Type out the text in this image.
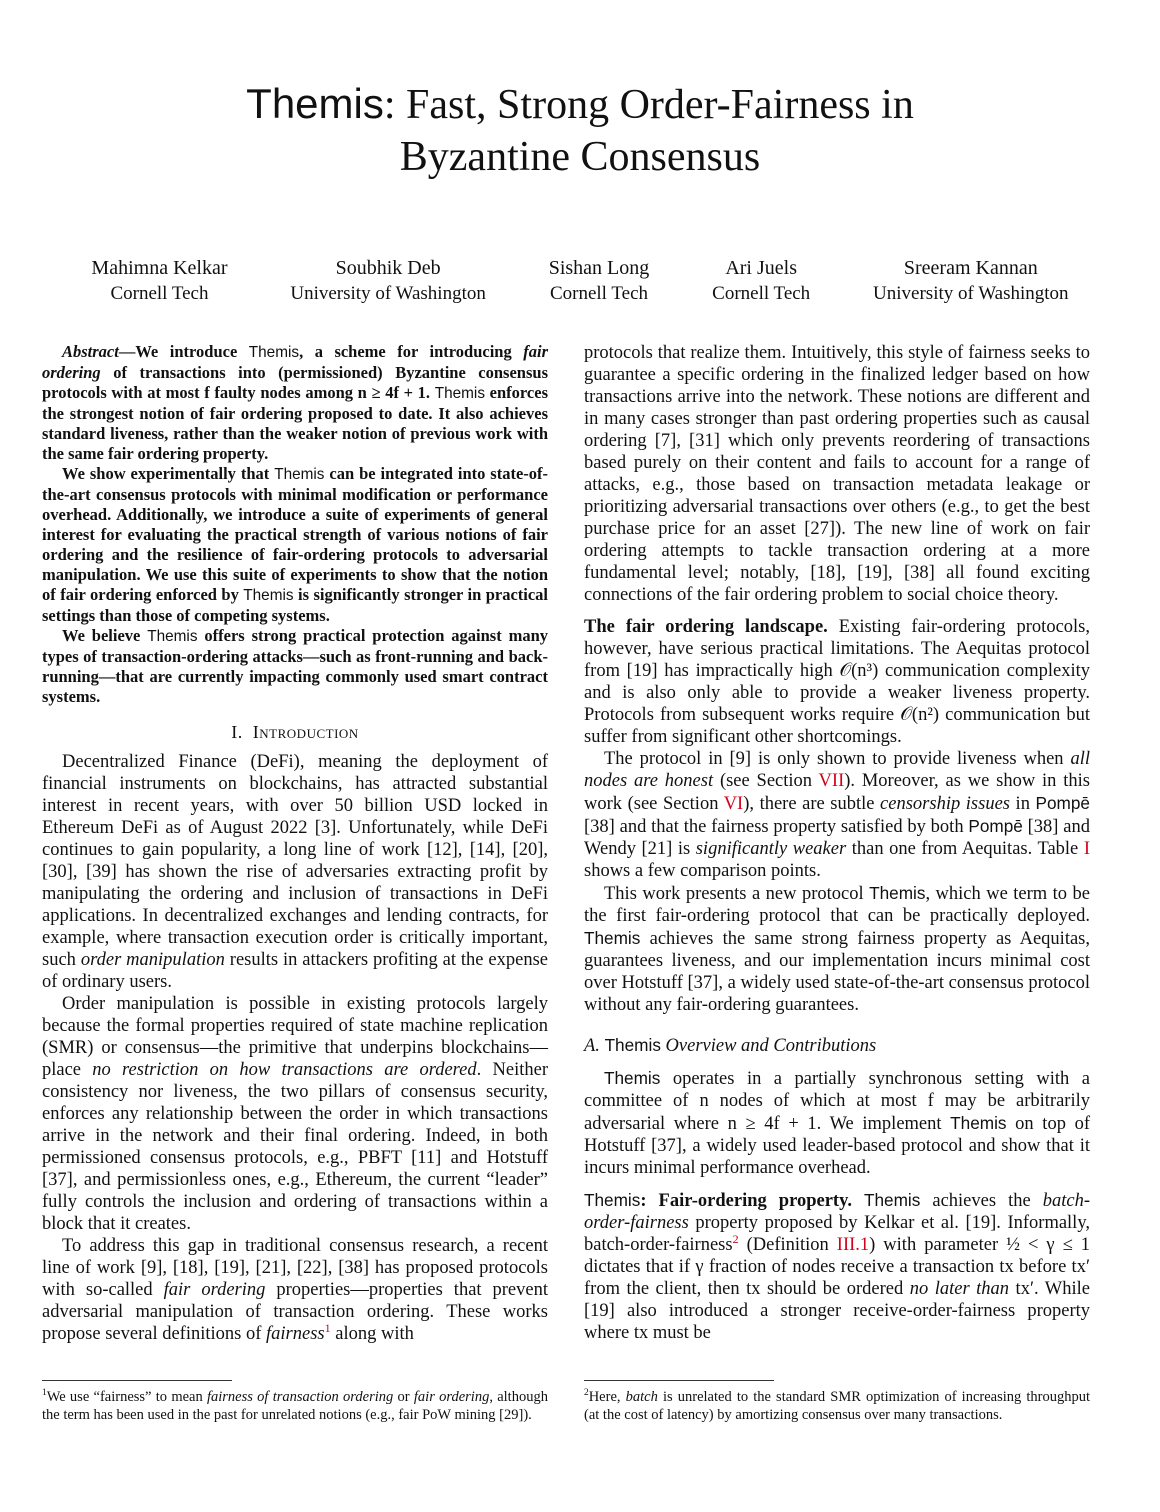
Themis: Fast, Strong Order-Fairness in
Byzantine Consensus
Mahimna Kelkar
Cornell Tech
Soubhik Deb
University of Washington
Sishan Long
Cornell Tech
Ari Juels
Cornell Tech
Sreeram Kannan
University of Washington

Abstract—We introduce Themis, a scheme for introducing fair ordering of transactions into (permissioned) Byzantine consensus protocols with at most f faulty nodes among n ≥ 4f + 1. Themis enforces the strongest notion of fair ordering proposed to date. It also achieves standard liveness, rather than the weaker notion of previous work with the same fair ordering property.

We show experimentally that Themis can be integrated into state-of-the-art consensus protocols with minimal modification or performance overhead. Additionally, we introduce a suite of experiments of general interest for evaluating the practical strength of various notions of fair ordering and the resilience of fair-ordering protocols to adversarial manipulation. We use this suite of experiments to show that the notion of fair ordering enforced by Themis is significantly stronger in practical settings than those of competing systems.

We believe Themis offers strong practical protection against many types of transaction-ordering attacks—such as front-running and back-running—that are currently impacting commonly used smart contract systems.

I. Introduction

Decentralized Finance (DeFi), meaning the deployment of financial instruments on blockchains, has attracted substantial interest in recent years, with over 50 billion USD locked in Ethereum DeFi as of August 2022 [3]. Unfortunately, while DeFi continues to gain popularity, a long line of work [12], [14], [20], [30], [39] has shown the rise of adversaries extracting profit by manipulating the ordering and inclusion of transactions in DeFi applications. In decentralized exchanges and lending contracts, for example, where transaction execution order is critically important, such order manipulation results in attackers profiting at the expense of ordinary users.

Order manipulation is possible in existing protocols largely because the formal properties required of state machine replication (SMR) or consensus—the primitive that underpins blockchains—place no restriction on how transactions are ordered. Neither consistency nor liveness, the two pillars of consensus security, enforces any relationship between the order in which transactions arrive in the network and their final ordering. Indeed, in both permissioned consensus protocols, e.g., PBFT [11] and Hotstuff [37], and permissionless ones, e.g., Ethereum, the current “leader” fully controls the inclusion and ordering of transactions within a block that it creates.

To address this gap in traditional consensus research, a recent line of work [9], [18], [19], [21], [22], [38] has proposed protocols with so-called fair ordering properties—properties that prevent adversarial manipulation of transaction ordering. These works propose several definitions of fairness$^1$ along with

protocols that realize them. Intuitively, this style of fairness seeks to guarantee a specific ordering in the finalized ledger based on how transactions arrive into the network. These notions are different and in many cases stronger than past ordering properties such as causal ordering [7], [31] which only prevents reordering of transactions based purely on their content and fails to account for a range of attacks, e.g., those based on transaction metadata leakage or prioritizing adversarial transactions over others (e.g., to get the best purchase price for an asset [27]). The new line of work on fair ordering attempts to tackle transaction ordering at a more fundamental level; notably, [18], [19], [38] all found exciting connections of the fair ordering problem to social choice theory.

The fair ordering landscape. Existing fair-ordering protocols, however, have serious practical limitations. The Aequitas protocol from [19] has impractically high 𝒪(n³) communication complexity and is also only able to provide a weaker liveness property. Protocols from subsequent works require 𝒪(n²) communication but suffer from significant other shortcomings.

The protocol in [9] is only shown to provide liveness when all nodes are honest (see Section VII). Moreover, as we show in this work (see Section VI), there are subtle censorship issues in Pompē [38] and that the fairness property satisfied by both Pompē [38] and Wendy [21] is significantly weaker than one from Aequitas. Table I shows a few comparison points.

This work presents a new protocol Themis, which we term to be the first fair-ordering protocol that can be practically deployed. Themis achieves the same strong fairness property as Aequitas, guarantees liveness, and our implementation incurs minimal cost over Hotstuff [37], a widely used state-of-the-art consensus protocol without any fair-ordering guarantees.

A. Themis Overview and Contributions

Themis operates in a partially synchronous setting with a committee of n nodes of which at most f may be arbitrarily adversarial where n ≥ 4f + 1. We implement Themis on top of Hotstuff [37], a widely used leader-based protocol and show that it incurs minimal performance overhead.

Themis: Fair-ordering property. Themis achieves the batch-order-fairness property proposed by Kelkar et al. [19]. Informally, batch-order-fairness$^2$ (Definition III.1) with parameter ½ < γ ≤ 1 dictates that if γ fraction of nodes receive a transaction tx before tx′ from the client, then tx should be ordered no later than tx′. While [19] also introduced a stronger receive-order-fairness property where tx must be

$^1$We use “fairness” to mean fairness of transaction ordering or fair ordering, although the term has been used in the past for unrelated notions (e.g., fair PoW mining [29]).
$^2$Here, batch is unrelated to the standard SMR optimization of increasing throughput (at the cost of latency) by amortizing consensus over many transactions.
